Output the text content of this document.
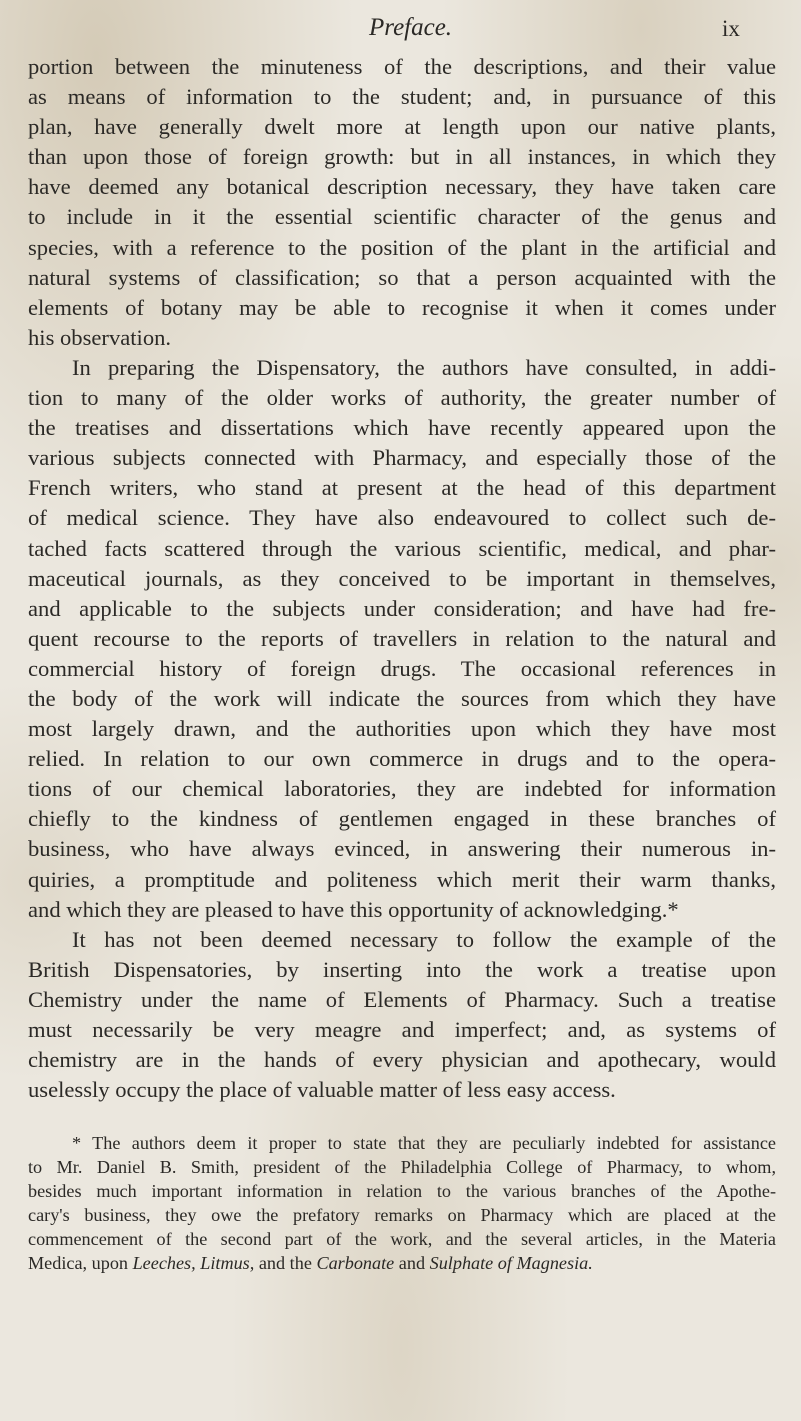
Preface.	ix
portion between the minuteness of the descriptions, and their value
as means of information to the student; and, in pursuance of this
plan, have generally dwelt more at length upon our native plants,
than upon those of foreign growth: but in all instances, in which they
have deemed any botanical description necessary, they have taken care
to include in it the essential scientific character of the genus and
species, with a reference to the position of the plant in the artificial and
natural systems of classification; so that a person acquainted with the
elements of botany may be able to recognise it when it comes under
his observation.
In preparing the Dispensatory, the authors have consulted, in addi-
tion to many of the older works of authority, the greater number of
the treatises and dissertations which have recently appeared upon the
various subjects connected with Pharmacy, and especially those of the
French writers, who stand at present at the head of this department
of medical science. They have also endeavoured to collect such de-
tached facts scattered through the various scientific, medical, and phar-
maceutical journals, as they conceived to be important in themselves,
and applicable to the subjects under consideration; and have had fre-
quent recourse to the reports of travellers in relation to the natural and
commercial history of foreign drugs. The occasional references in
the body of the work will indicate the sources from which they have
most largely drawn, and the authorities upon which they have most
relied. In relation to our own commerce in drugs and to the opera-
tions of our chemical laboratories, they are indebted for information
chiefly to the kindness of gentlemen engaged in these branches of
business, who have always evinced, in answering their numerous in-
quiries, a promptitude and politeness which merit their warm thanks,
and which they are pleased to have this opportunity of acknowledging.*
It has not been deemed necessary to follow the example of the
British Dispensatories, by inserting into the work a treatise upon
Chemistry under the name of Elements of Pharmacy. Such a treatise
must necessarily be very meagre and imperfect; and, as systems of
chemistry are in the hands of every physician and apothecary, would
uselessly occupy the place of valuable matter of less easy access.
* The authors deem it proper to state that they are peculiarly indebted for assistance
to Mr. Daniel B. Smith, president of the Philadelphia College of Pharmacy, to whom,
besides much important information in relation to the various branches of the Apothe-
cary's business, they owe the prefatory remarks on Pharmacy which are placed at the
commencement of the second part of the work, and the several articles, in the Materia
Medica, upon Leeches, Litmus, and the Carbonate and Sulphate of Magnesia.
